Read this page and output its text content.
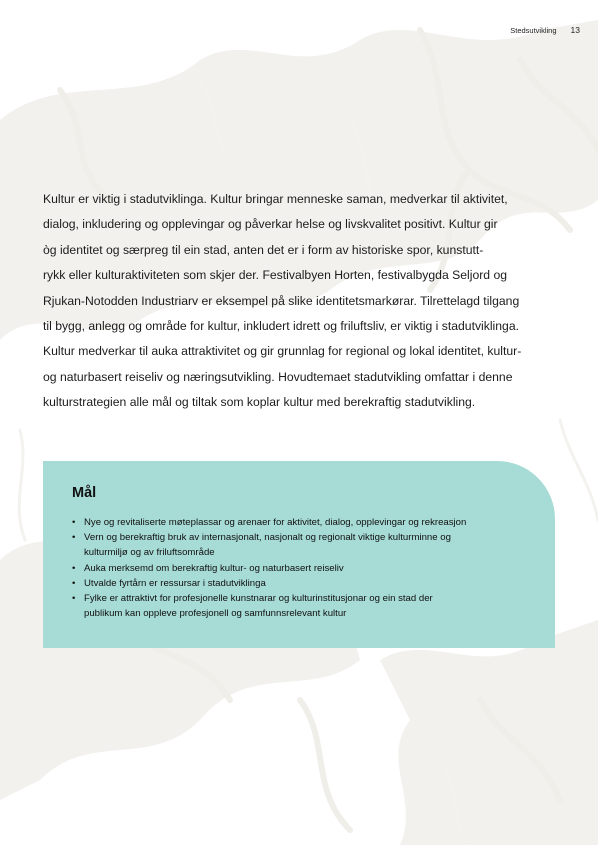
Stedsutvikling 13
Kultur er viktig i stadutviklinga. Kultur bringar menneske saman, medverkar til aktivitet,
dialog, inkludering og opplevingar og påverkar helse og livskvalitet positivt. Kultur gir
òg identitet og særpreg til ein stad, anten det er i form av historiske spor, kunstutt-
rykk eller kulturaktiviteten som skjer der. Festivalbyen Horten, festivalbygda Seljord og
Rjukan-Notodden Industriarv er eksempel på slike identitetsmarkørar. Tilrettelagd tilgang
til bygg, anlegg og område for kultur, inkludert idrett og friluftsliv, er viktig i stadutviklinga.
Kultur medverkar til auka attraktivitet og gir grunnlag for regional og lokal identitet, kultur-
og naturbasert reiseliv og næringsutvikling. Hovudtemaet stadutvikling omfattar i denne
kulturstrategien alle mål og tiltak som koplar kultur med berekraftig stadutvikling.
Mål
• Nye og revitaliserte møteplassar og arenaer for aktivitet, dialog, opplevingar og rekreasjon
• Vern og berekraftig bruk av internasjonalt, nasjonalt og regionalt viktige kulturminne og
kulturmiljø og av friluftsområde
• Auka merksemd om berekraftig kultur- og naturbasert reiseliv
• Utvalde fyrtårn er ressursar i stadutviklinga
• Fylke er attraktivt for profesjonelle kunstnarar og kulturinstitusjonar og ein stad der
publikum kan oppleve profesjonell og samfunnsrelevant kultur
